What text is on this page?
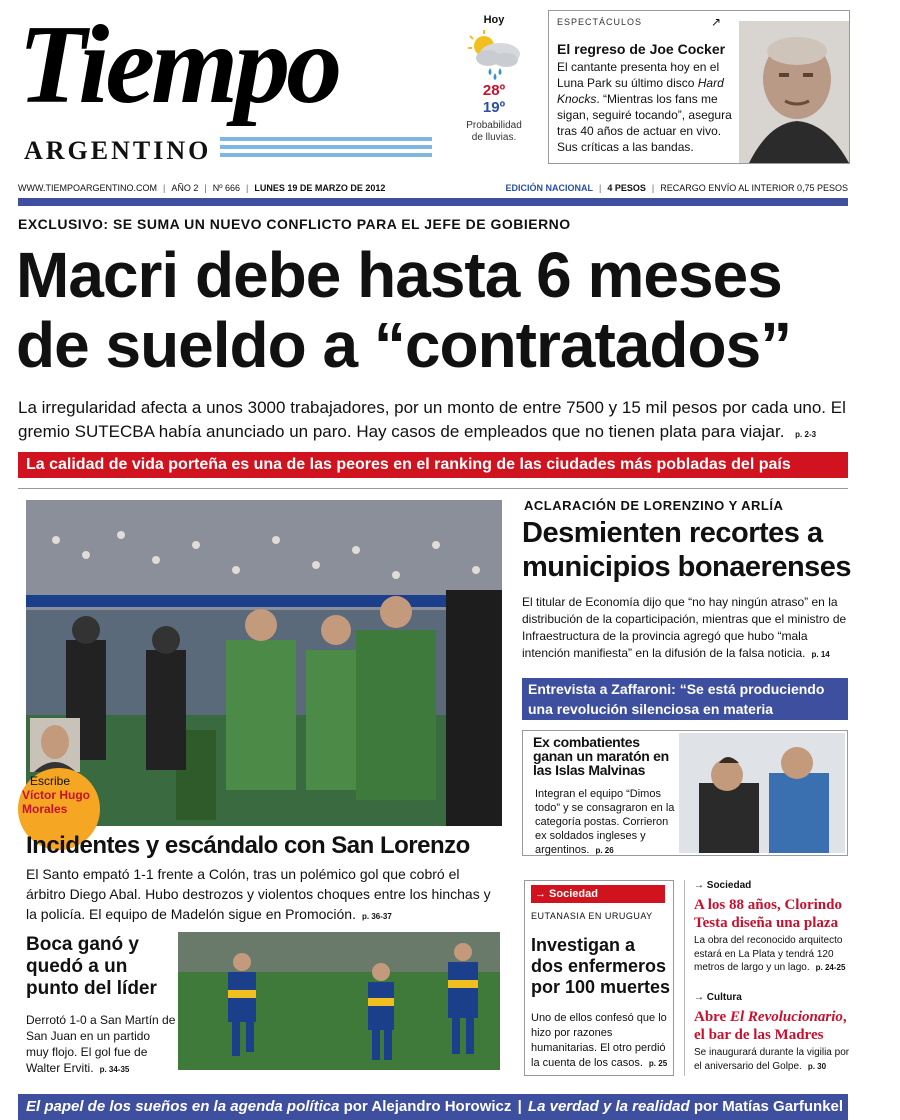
Tiempo
ARGENTINO
Hoy
28º
19º
Probabilidad
de lluvias.
ESPECTÁCULOS	↗
El regreso de Joe Cocker
El cantante presenta hoy en el Luna Park su último disco Hard Knocks. “Mientras los fans me sigan, seguiré tocando”, asegura tras 40 años de actuar en vivo. Sus críticas a las bandas.
WWW.TIEMPOARGENTINO.COM | AÑO 2 | Nº 666 | LUNES 19 DE MARZO DE 2012	EDICIÓN NACIONAL | 4 PESOS | RECARGO ENVÍO AL INTERIOR 0,75 PESOS
EXCLUSIVO: SE SUMA UN NUEVO CONFLICTO PARA EL JEFE DE GOBIERNO
Macri debe hasta 6 meses de sueldo a “contratados”
La irregularidad afecta a unos 3000 trabajadores, por un monto de entre 7500 y 15 mil pesos por cada uno. El gremio SUTECBA había anunciado un paro. Hay casos de empleados que no tienen plata para viajar. p. 2-3
La calidad de vida porteña es una de las peores en el ranking de las ciudades más pobladas del país
Escribe
Víctor Hugo Morales
Incidentes y escándalo con San Lorenzo
El Santo empató 1-1 frente a Colón, tras un polémico gol que cobró el árbitro Diego Abal. Hubo destrozos y violentos choques entre los hinchas y la policía. El equipo de Madelón sigue en Promoción. p. 36-37
Boca ganó y quedó a un punto del líder
Derrotó 1-0 a San Martín de San Juan en un partido muy flojo. El gol fue de Walter Erviti. p. 34-35
ACLARACIÓN DE LORENZINO Y ARLÍA
Desmienten recortes a municipios bonaerenses
El titular de Economía dijo que “no hay ningún atraso” en la distribución de la coparticipación, mientras que el ministro de Infraestructura de la provincia agregó que hubo “mala intención manifiesta” en la difusión de la falsa noticia. p. 14
Entrevista a Zaffaroni: “Se está produciendo una revolución silenciosa en materia educativa” p. 10-11
Ex combatientes ganan un maratón en las Islas Malvinas
Integran el equipo “Dimos todo” y se consagraron en la categoría postas. Corrieron ex soldados ingleses y argentinos. p. 26
→ Sociedad
EUTANASIA EN URUGUAY
Investigan a dos enfermeros por 100 muertes
Uno de ellos confesó que lo hizo por razones humanitarias. El otro perdió la cuenta de los casos. p. 25
→ Sociedad
A los 88 años, Clorindo Testa diseña una plaza
La obra del reconocido arquitecto estará en La Plata y tendrá 120 metros de largo y un lago. p. 24-25
→ Cultura
Abre El Revolucionario, el bar de las Madres
Se inaugurará durante la vigilia por el aniversario del Golpe. p. 30
El papel de los sueños en la agenda política por Alejandro Horowicz | La verdad y la realidad por Matías Garfunkel
